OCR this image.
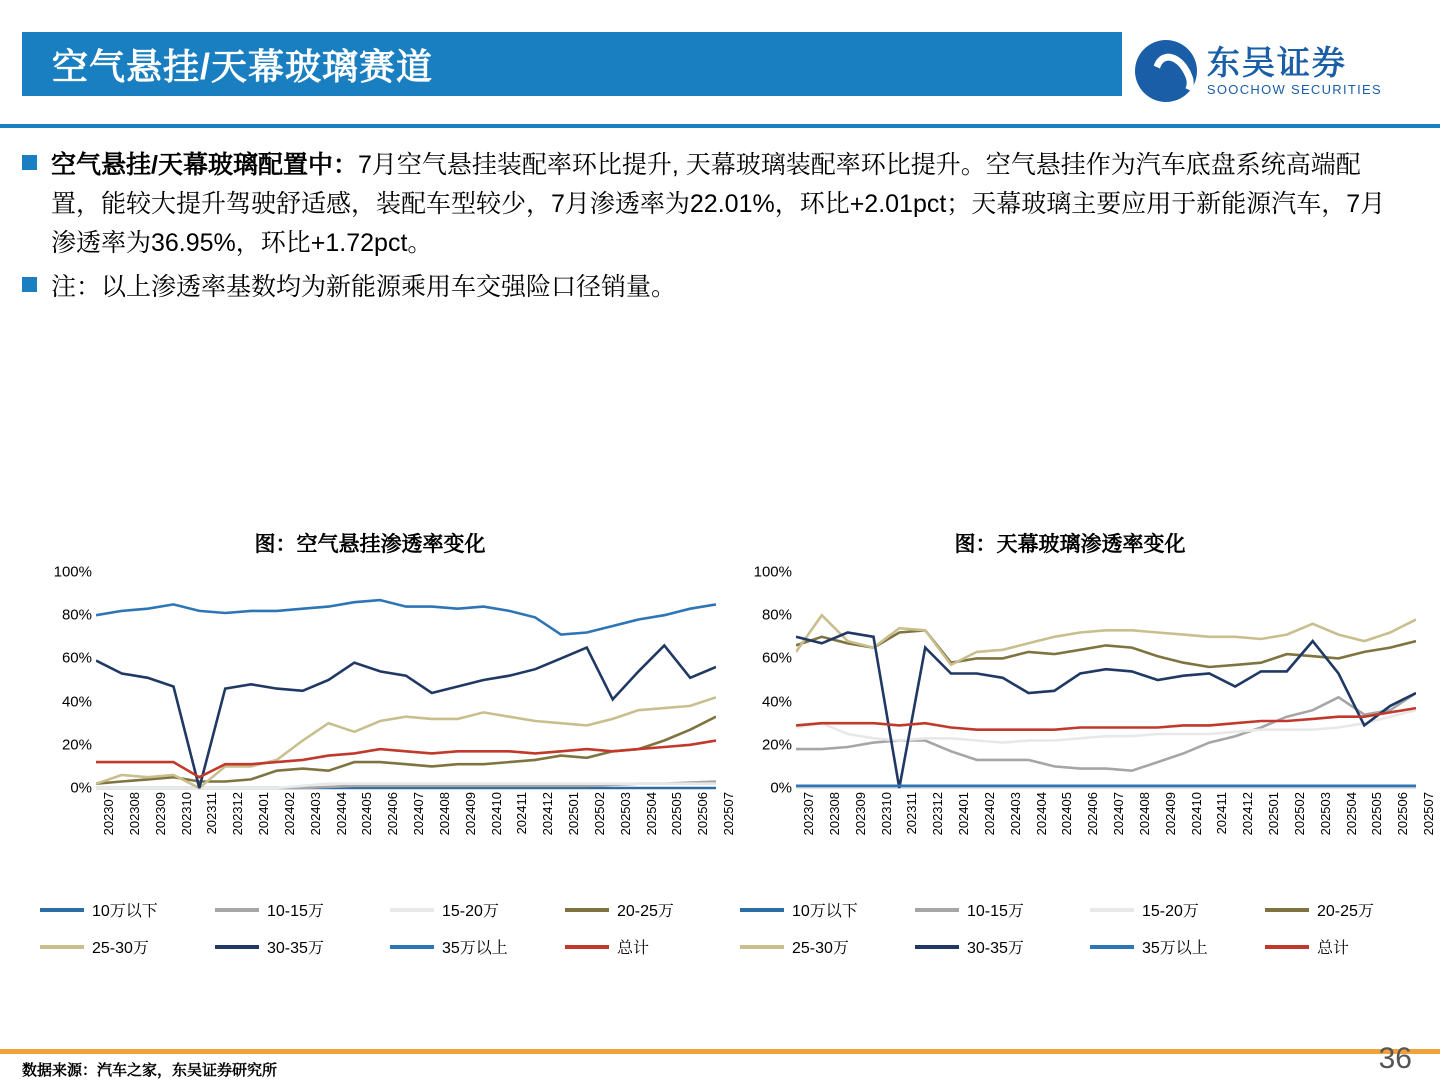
空气悬挂/天幕玻璃赛道	东吴证券
SOOCHOW SECURITIES
空气悬挂/天幕玻璃配置中：7月空气悬挂装配率环比提升, 天幕玻璃装配率环比提升。空气悬挂作为汽车底盘系统高端配置，能较大提升驾驶舒适感，装配车型较少，7月渗透率为22.01%，环比+2.01pct；天幕玻璃主要应用于新能源汽车，7月渗透率为36.95%，环比+1.72pct。
注：以上渗透率基数均为新能源乘用车交强险口径销量。
图：空气悬挂渗透率变化
0%
20%
40%
60%
80%
100%
202307 202308 202309 202310 202311 202312 202401 202402 202403 202404 202405 202406 202407 202408 202409 202410 202411 202412 202501 202502 202503 202504 202505 202506 202507
图：天幕玻璃渗透率变化
0%
20%
40%
60%
80%
100%
202307 202308 202309 202310 202311 202312 202401 202402 202403 202404 202405 202406 202407 202408 202409 202410 202411 202412 202501 202502 202503 202504 202505 202506 202507
10万以下	10-15万	15-20万	20-25万
25-30万	30-35万	35万以上	总计
10万以下	10-15万	15-20万	20-25万
25-30万	30-35万	35万以上	总计
数据来源：汽车之家，东吴证券研究所	36
